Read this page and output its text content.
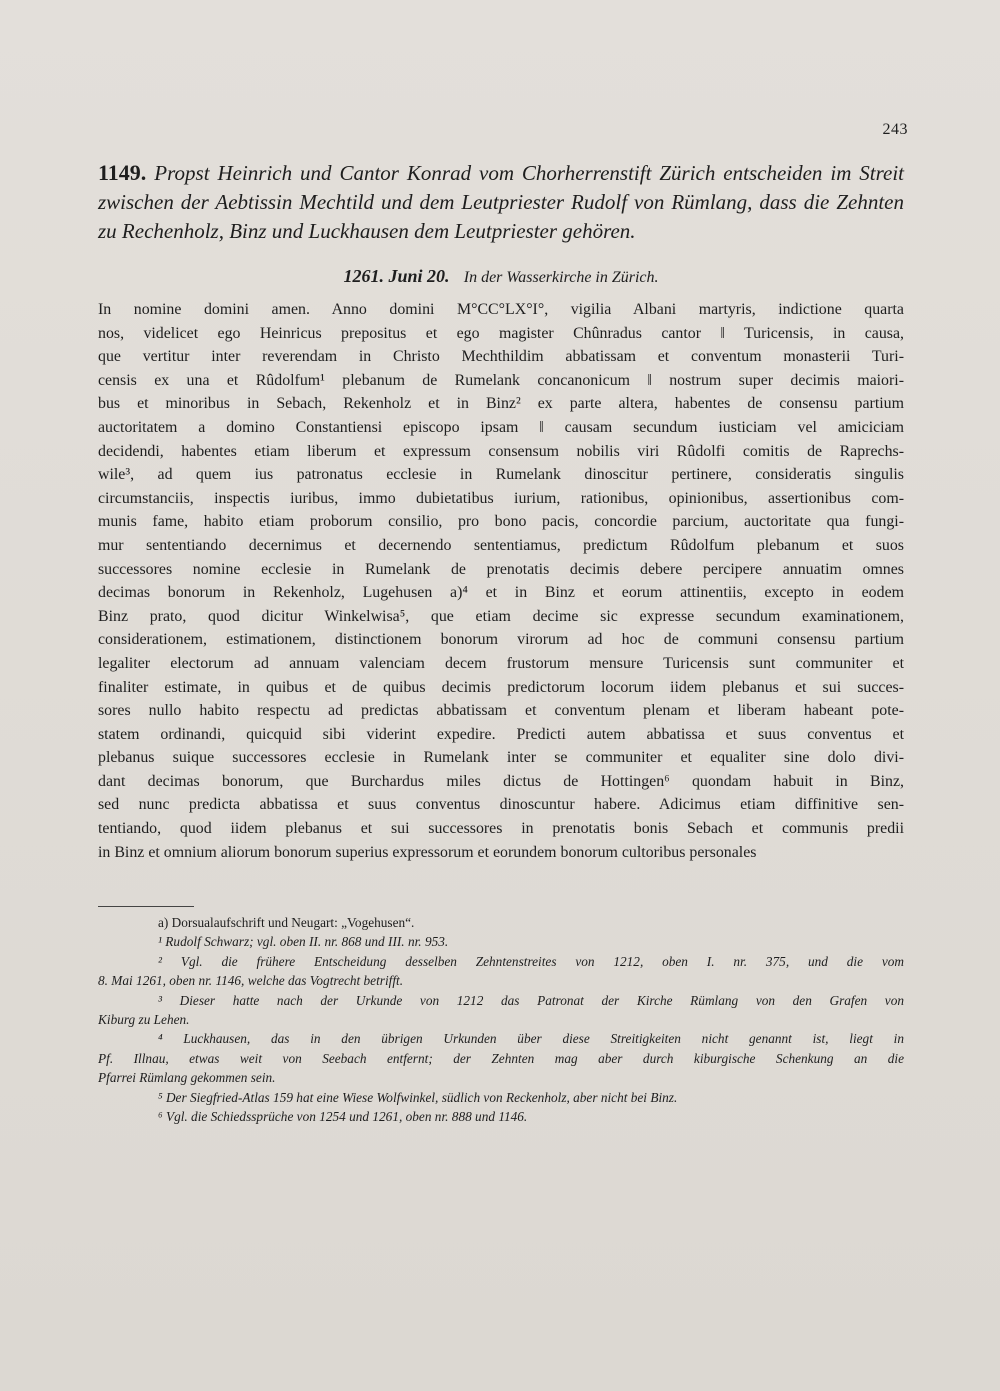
243
1149. Propst Heinrich und Cantor Konrad vom Chorherrenstift Zürich entscheiden im Streit zwischen der Aebtissin Mechtild und dem Leutpriester Rudolf von Rümlang, dass die Zehnten zu Rechenholz, Binz und Luckhausen dem Leutpriester gehören.
1261. Juni 20. In der Wasserkirche in Zürich.
In nomine domini amen. Anno domini M°CC°LX°I°, vigilia Albani martyris, indictione quarta
nos, videlicet ego Heinricus prepositus et ego magister Chûnradus cantor ‖ Turicensis, in causa,
que vertitur inter reverendam in Christo Mechthildim abbatissam et conventum monasterii Turi-
censis ex una et Rûdolfum¹ plebanum de Rumelank concanonicum ‖ nostrum super decimis maiori-
bus et minoribus in Sebach, Rekenholz et in Binz² ex parte altera, habentes de consensu partium
auctoritatem a domino Constantiensi episcopo ipsam ‖ causam secundum iusticiam vel amiciciam
decidendi, habentes etiam liberum et expressum consensum nobilis viri Rûdolfi comitis de Raprechs-
wile³, ad quem ius patronatus ecclesie in Rumelank dinoscitur pertinere, consideratis singulis
circumstanciis, inspectis iuribus, immo dubietatibus iurium, rationibus, opinionibus, assertionibus com-
munis fame, habito etiam proborum consilio, pro bono pacis, concordie parcium, auctoritate qua fungi-
mur sententiando decernimus et decernendo sententiamus, predictum Rûdolfum plebanum et suos
successores nomine ecclesie in Rumelank de prenotatis decimis debere percipere annuatim omnes
decimas bonorum in Rekenholz, Lugehusen a)⁴ et in Binz et eorum attinentiis, excepto in eodem
Binz prato, quod dicitur Winkelwisa⁵, que etiam decime sic expresse secundum examinationem,
considerationem, estimationem, distinctionem bonorum virorum ad hoc de communi consensu partium
legaliter electorum ad annuam valenciam decem frustorum mensure Turicensis sunt communiter et
finaliter estimate, in quibus et de quibus decimis predictorum locorum iidem plebanus et sui succes-
sores nullo habito respectu ad predictas abbatissam et conventum plenam et liberam habeant pote-
statem ordinandi, quicquid sibi viderint expedire. Predicti autem abbatissa et suus conventus et
plebanus suique successores ecclesie in Rumelank inter se communiter et equaliter sine dolo divi-
dant decimas bonorum, que Burchardus miles dictus de Hottingen⁶ quondam habuit in Binz,
sed nunc predicta abbatissa et suus conventus dinoscuntur habere. Adicimus etiam diffinitive sen-
tentiando, quod iidem plebanus et sui successores in prenotatis bonis Sebach et communis predii
in Binz et omnium aliorum bonorum superius expressorum et eorundem bonorum cultoribus personales
a) Dorsualaufschrift und Neugart: „Vogehusen“.
¹ Rudolf Schwarz; vgl. oben II. nr. 868 und III. nr. 953.
² Vgl. die frühere Entscheidung desselben Zehntenstreites von 1212, oben I. nr. 375, und die vom
8. Mai 1261, oben nr. 1146, welche das Vogtrecht betrifft.
³ Dieser hatte nach der Urkunde von 1212 das Patronat der Kirche Rümlang von den Grafen von
Kiburg zu Lehen.
⁴ Luckhausen, das in den übrigen Urkunden über diese Streitigkeiten nicht genannt ist, liegt in
Pf. Illnau, etwas weit von Seebach entfernt; der Zehnten mag aber durch kiburgische Schenkung an die
Pfarrei Rümlang gekommen sein.
⁵ Der Siegfried-Atlas 159 hat eine Wiese Wolfwinkel, südlich von Reckenholz, aber nicht bei Binz.
⁶ Vgl. die Schiedssprüche von 1254 und 1261, oben nr. 888 und 1146.
